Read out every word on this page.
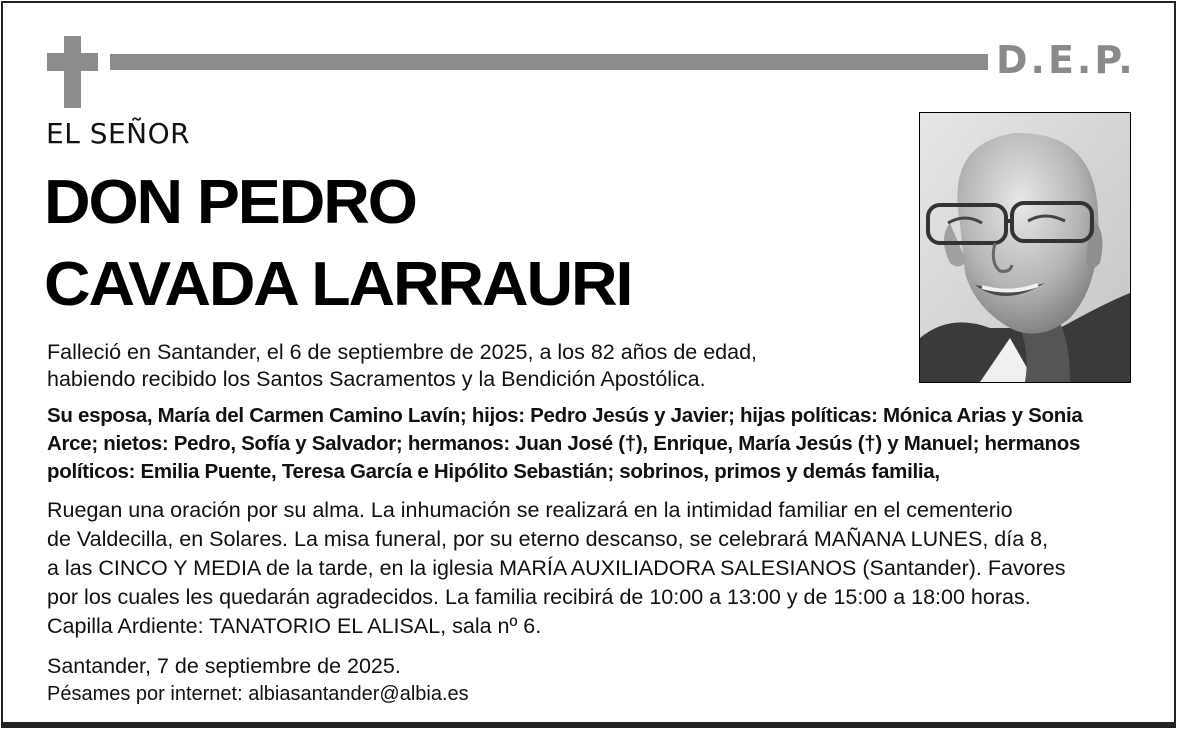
D.E.P.
EL SEÑOR
DON PEDRO
CAVADA LARRAURI
Falleció en Santander, el 6 de septiembre de 2025, a los 82 años de edad,
habiendo recibido los Santos Sacramentos y la Bendición Apostólica.
Su esposa, María del Carmen Camino Lavín; hijos: Pedro Jesús y Javier; hijas políticas: Mónica Arias y Sonia
Arce; nietos: Pedro, Sofía y Salvador; hermanos: Juan José (†), Enrique, María Jesús (†) y Manuel; hermanos
políticos: Emilia Puente, Teresa García e Hipólito Sebastián; sobrinos, primos y demás familia,
Ruegan una oración por su alma. La inhumación se realizará en la intimidad familiar en el cementerio
de Valdecilla, en Solares. La misa funeral, por su eterno descanso, se celebrará MAÑANA LUNES, día 8,
a las CINCO Y MEDIA de la tarde, en la iglesia MARÍA AUXILIADORA SALESIANOS (Santander). Favores
por los cuales les quedarán agradecidos. La familia recibirá de 10:00 a 13:00 y de 15:00 a 18:00 horas.
Capilla Ardiente: TANATORIO EL ALISAL, sala nº 6.
Santander, 7 de septiembre de 2025.
Pésames por internet: albiasantander@albia.es
